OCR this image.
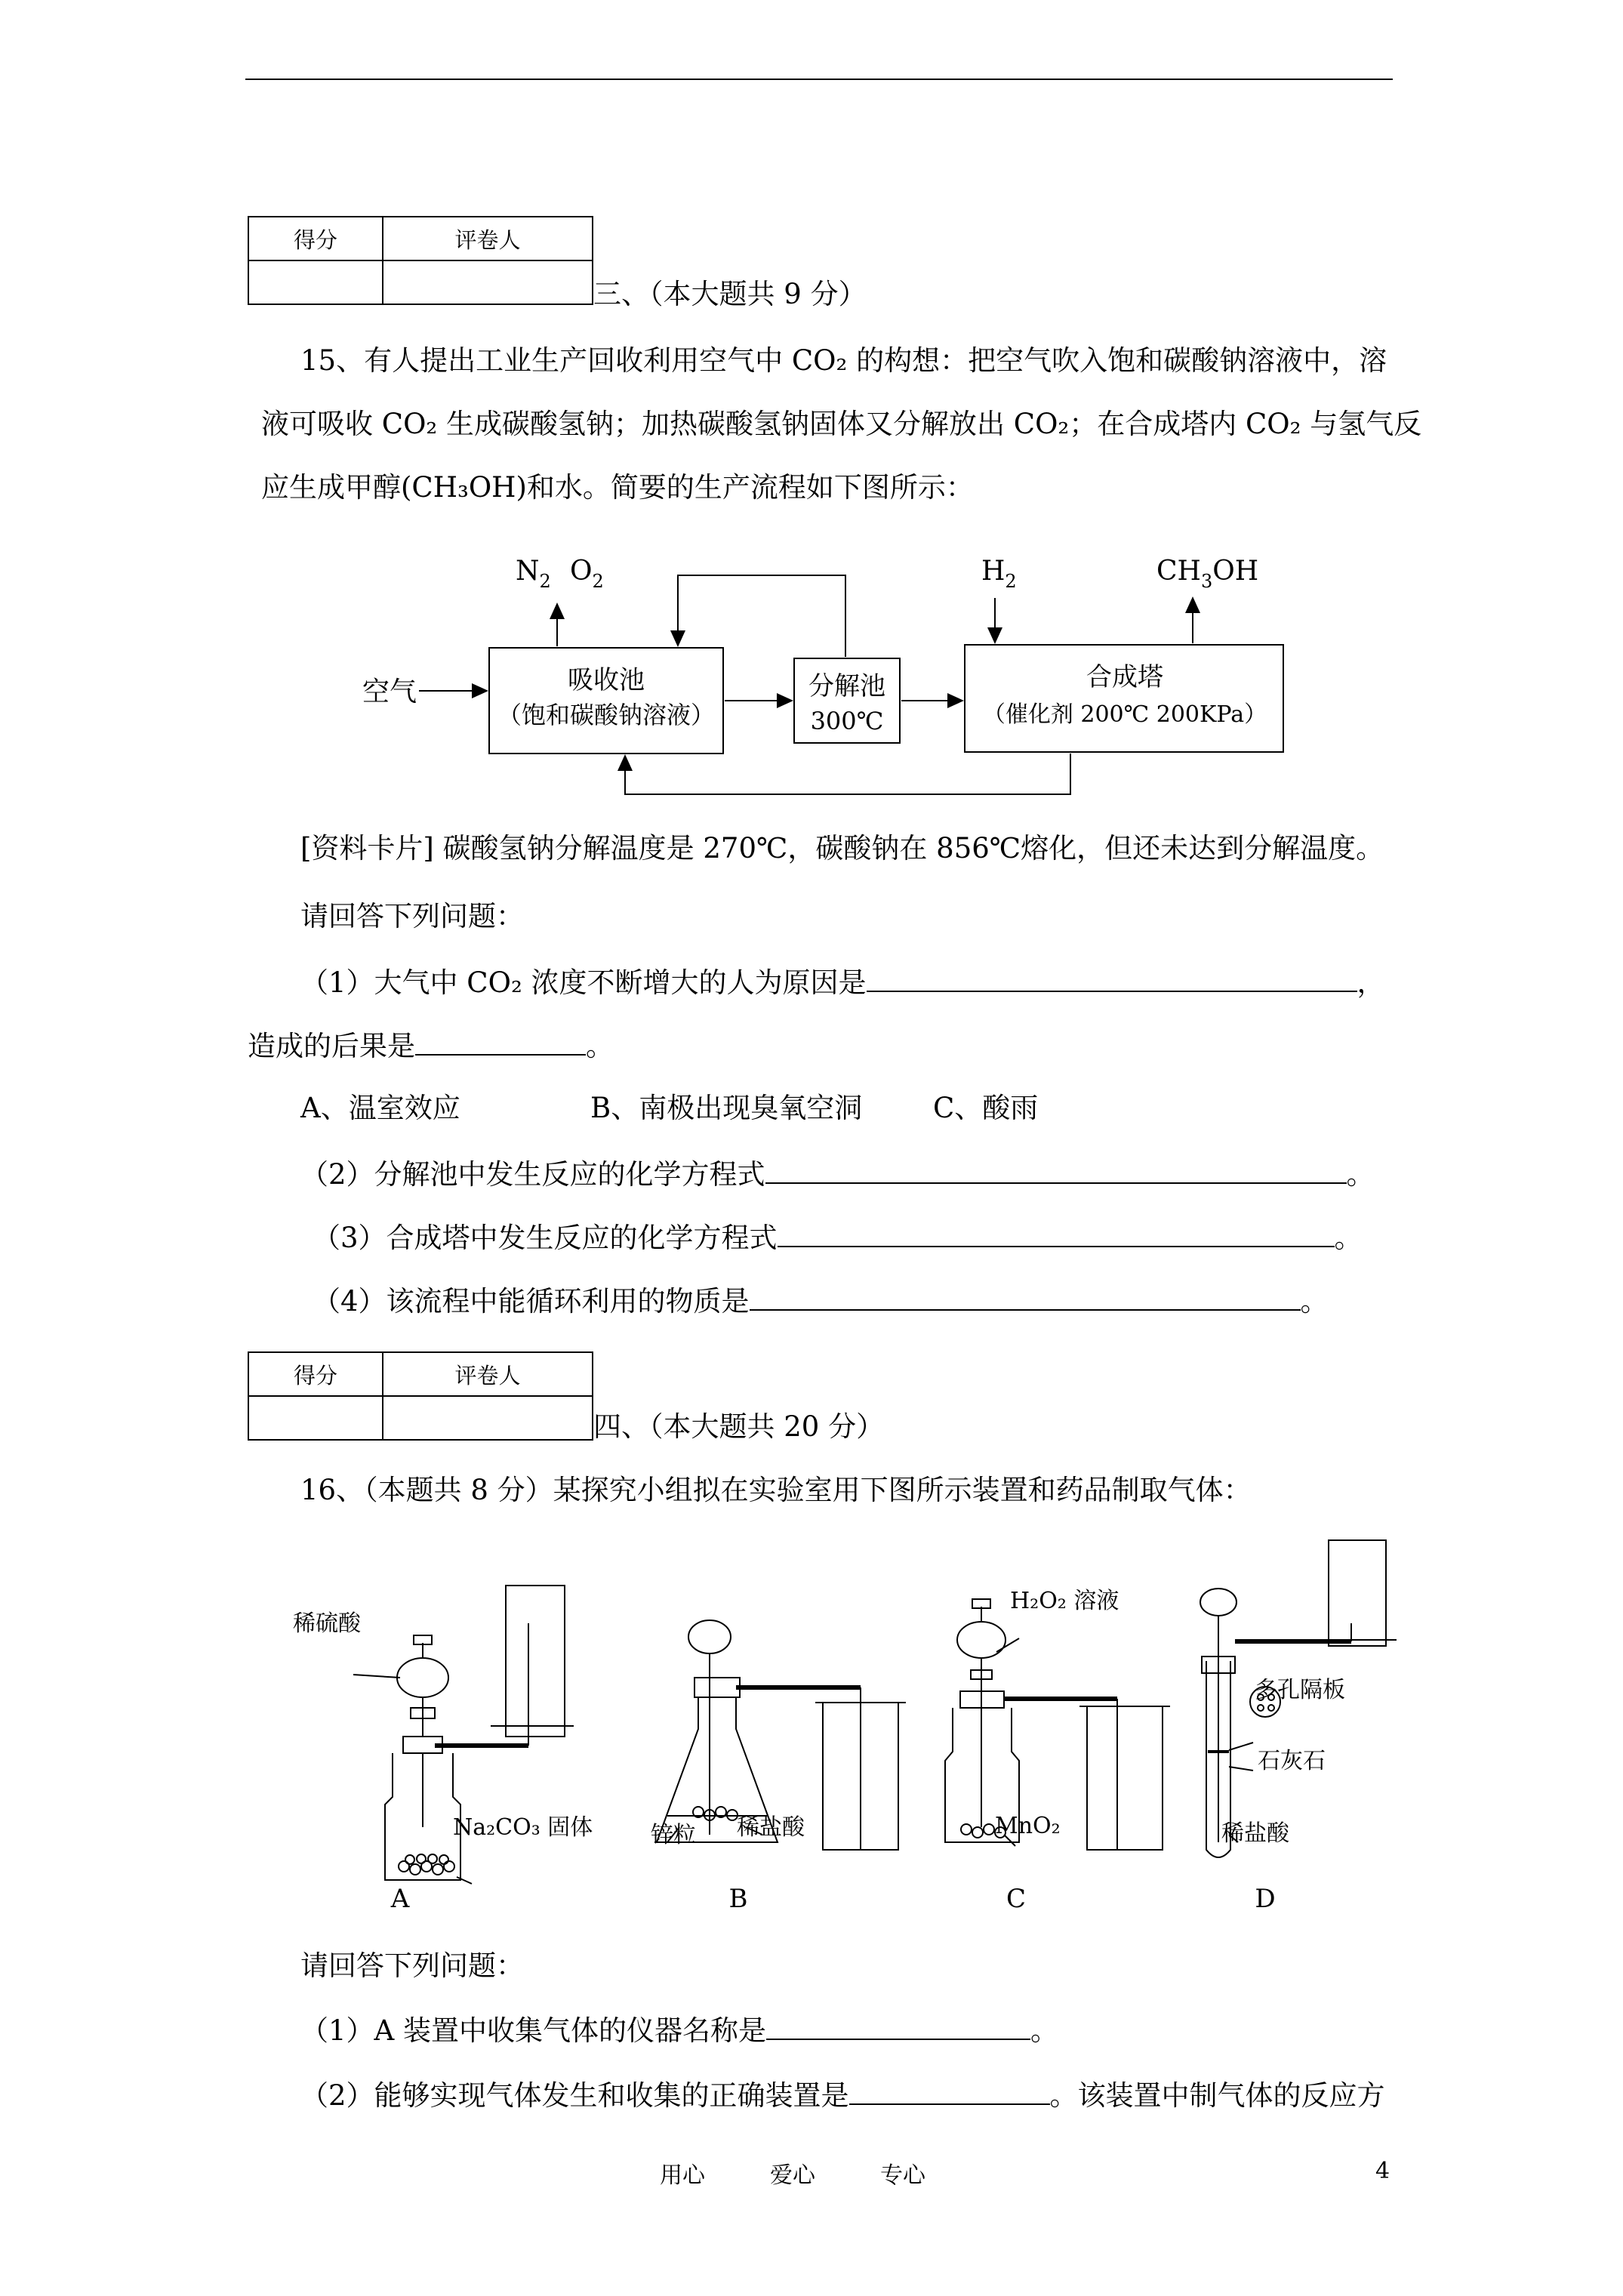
得分	评卷人

三、（本大题共 9 分）
15、有人提出工业生产回收利用空气中 CO₂ 的构想：把空气吹入饱和碳酸钠溶液中，溶
液可吸收 CO₂ 生成碳酸氢钠；加热碳酸氢钠固体又分解放出 CO₂；在合成塔内 CO₂ 与氢气反
应生成甲醇(CH₃OH)和水。简要的生产流程如下图所示：
空气
$N_2$ $O_2$	$H_2$	$CH_3OH$
吸收池
（饱和碳酸钠溶液）
分解池
300℃
合成塔
（催化剂 200℃ 200KPa）
[资料卡片] 碳酸氢钠分解温度是 270℃，碳酸钠在 856℃熔化，但还未达到分解温度。
请回答下列问题：
（1）大气中 CO₂ 浓度不断增大的人为原因是	，
造成的后果是	。
A、温室效应	B、南极出现臭氧空洞	C、酸雨
（2）分解池中发生反应的化学方程式	。
（3）合成塔中发生反应的化学方程式	。
（4）该流程中能循环利用的物质是	。
得分	评卷人

四、（本大题共 20 分）
16、（本题共 8 分）某探究小组拟在实验室用下图所示装置和药品制取气体：
稀硫酸
Na₂CO₃ 固体	锌粒 稀盐酸
H₂O₂ 溶液
MnO₂
多孔隔板
石灰石
稀盐酸
A	B	C	D
请回答下列问题：
（1）A 装置中收集气体的仪器名称是	。
（2）能够实现气体发生和收集的正确装置是	。该装置中制气体的反应方
用心	爱心	专心	4
